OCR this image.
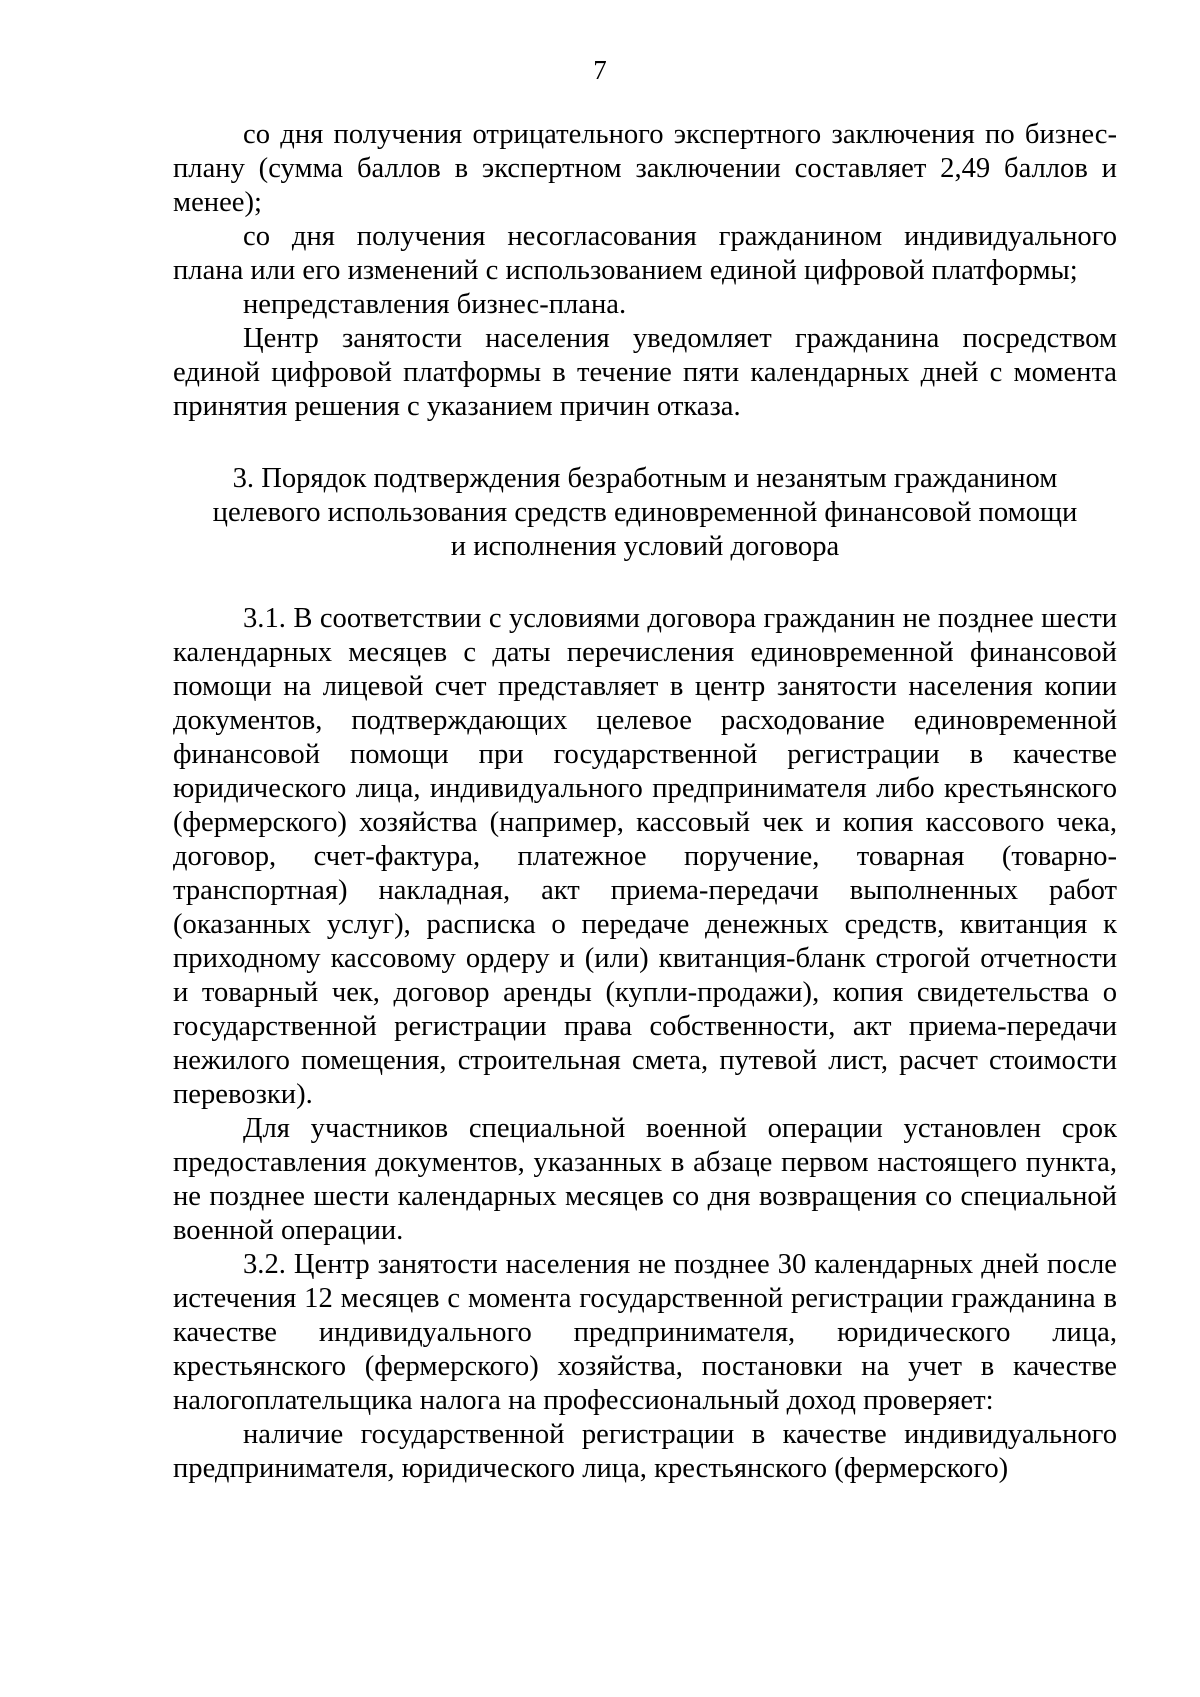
7

со дня получения отрицательного экспертного заключения по бизнес-плану (сумма баллов в экспертном заключении составляет 2,49 баллов и менее);

со дня получения несогласования гражданином индивидуального плана или его изменений с использованием единой цифровой платформы;

непредставления бизнес-плана.

Центр занятости населения уведомляет гражданина посредством единой цифровой платформы в течение пяти календарных дней с момента принятия решения с указанием причин отказа.

3. Порядок подтверждения безработным и незанятым гражданином
целевого использования средств единовременной финансовой помощи
и исполнения условий договора

3.1. В соответствии с условиями договора гражданин не позднее шести календарных месяцев с даты перечисления единовременной финансовой помощи на лицевой счет представляет в центр занятости населения копии документов, подтверждающих целевое расходование единовременной финансовой помощи при государственной регистрации в качестве юридического лица, индивидуального предпринимателя либо крестьянского (фермерского) хозяйства (например, кассовый чек и копия кассового чека, договор, счет-фактура, платежное поручение, товарная (товарно-транспортная) накладная, акт приема-передачи выполненных работ (оказанных услуг), расписка о передаче денежных средств, квитанция к приходному кассовому ордеру и (или) квитанция-бланк строгой отчетности и товарный чек, договор аренды (купли-продажи), копия свидетельства о государственной регистрации права собственности, акт приема-передачи нежилого помещения, строительная смета, путевой лист, расчет стоимости перевозки).

Для участников специальной военной операции установлен срок предоставления документов, указанных в абзаце первом настоящего пункта, не позднее шести календарных месяцев со дня возвращения со специальной военной операции.

3.2. Центр занятости населения не позднее 30 календарных дней после истечения 12 месяцев с момента государственной регистрации гражданина в качестве индивидуального предпринимателя, юридического лица, крестьянского (фермерского) хозяйства, постановки на учет в качестве налогоплательщика налога на профессиональный доход проверяет:

наличие государственной регистрации в качестве индивидуального предпринимателя, юридического лица, крестьянского (фермерского)
